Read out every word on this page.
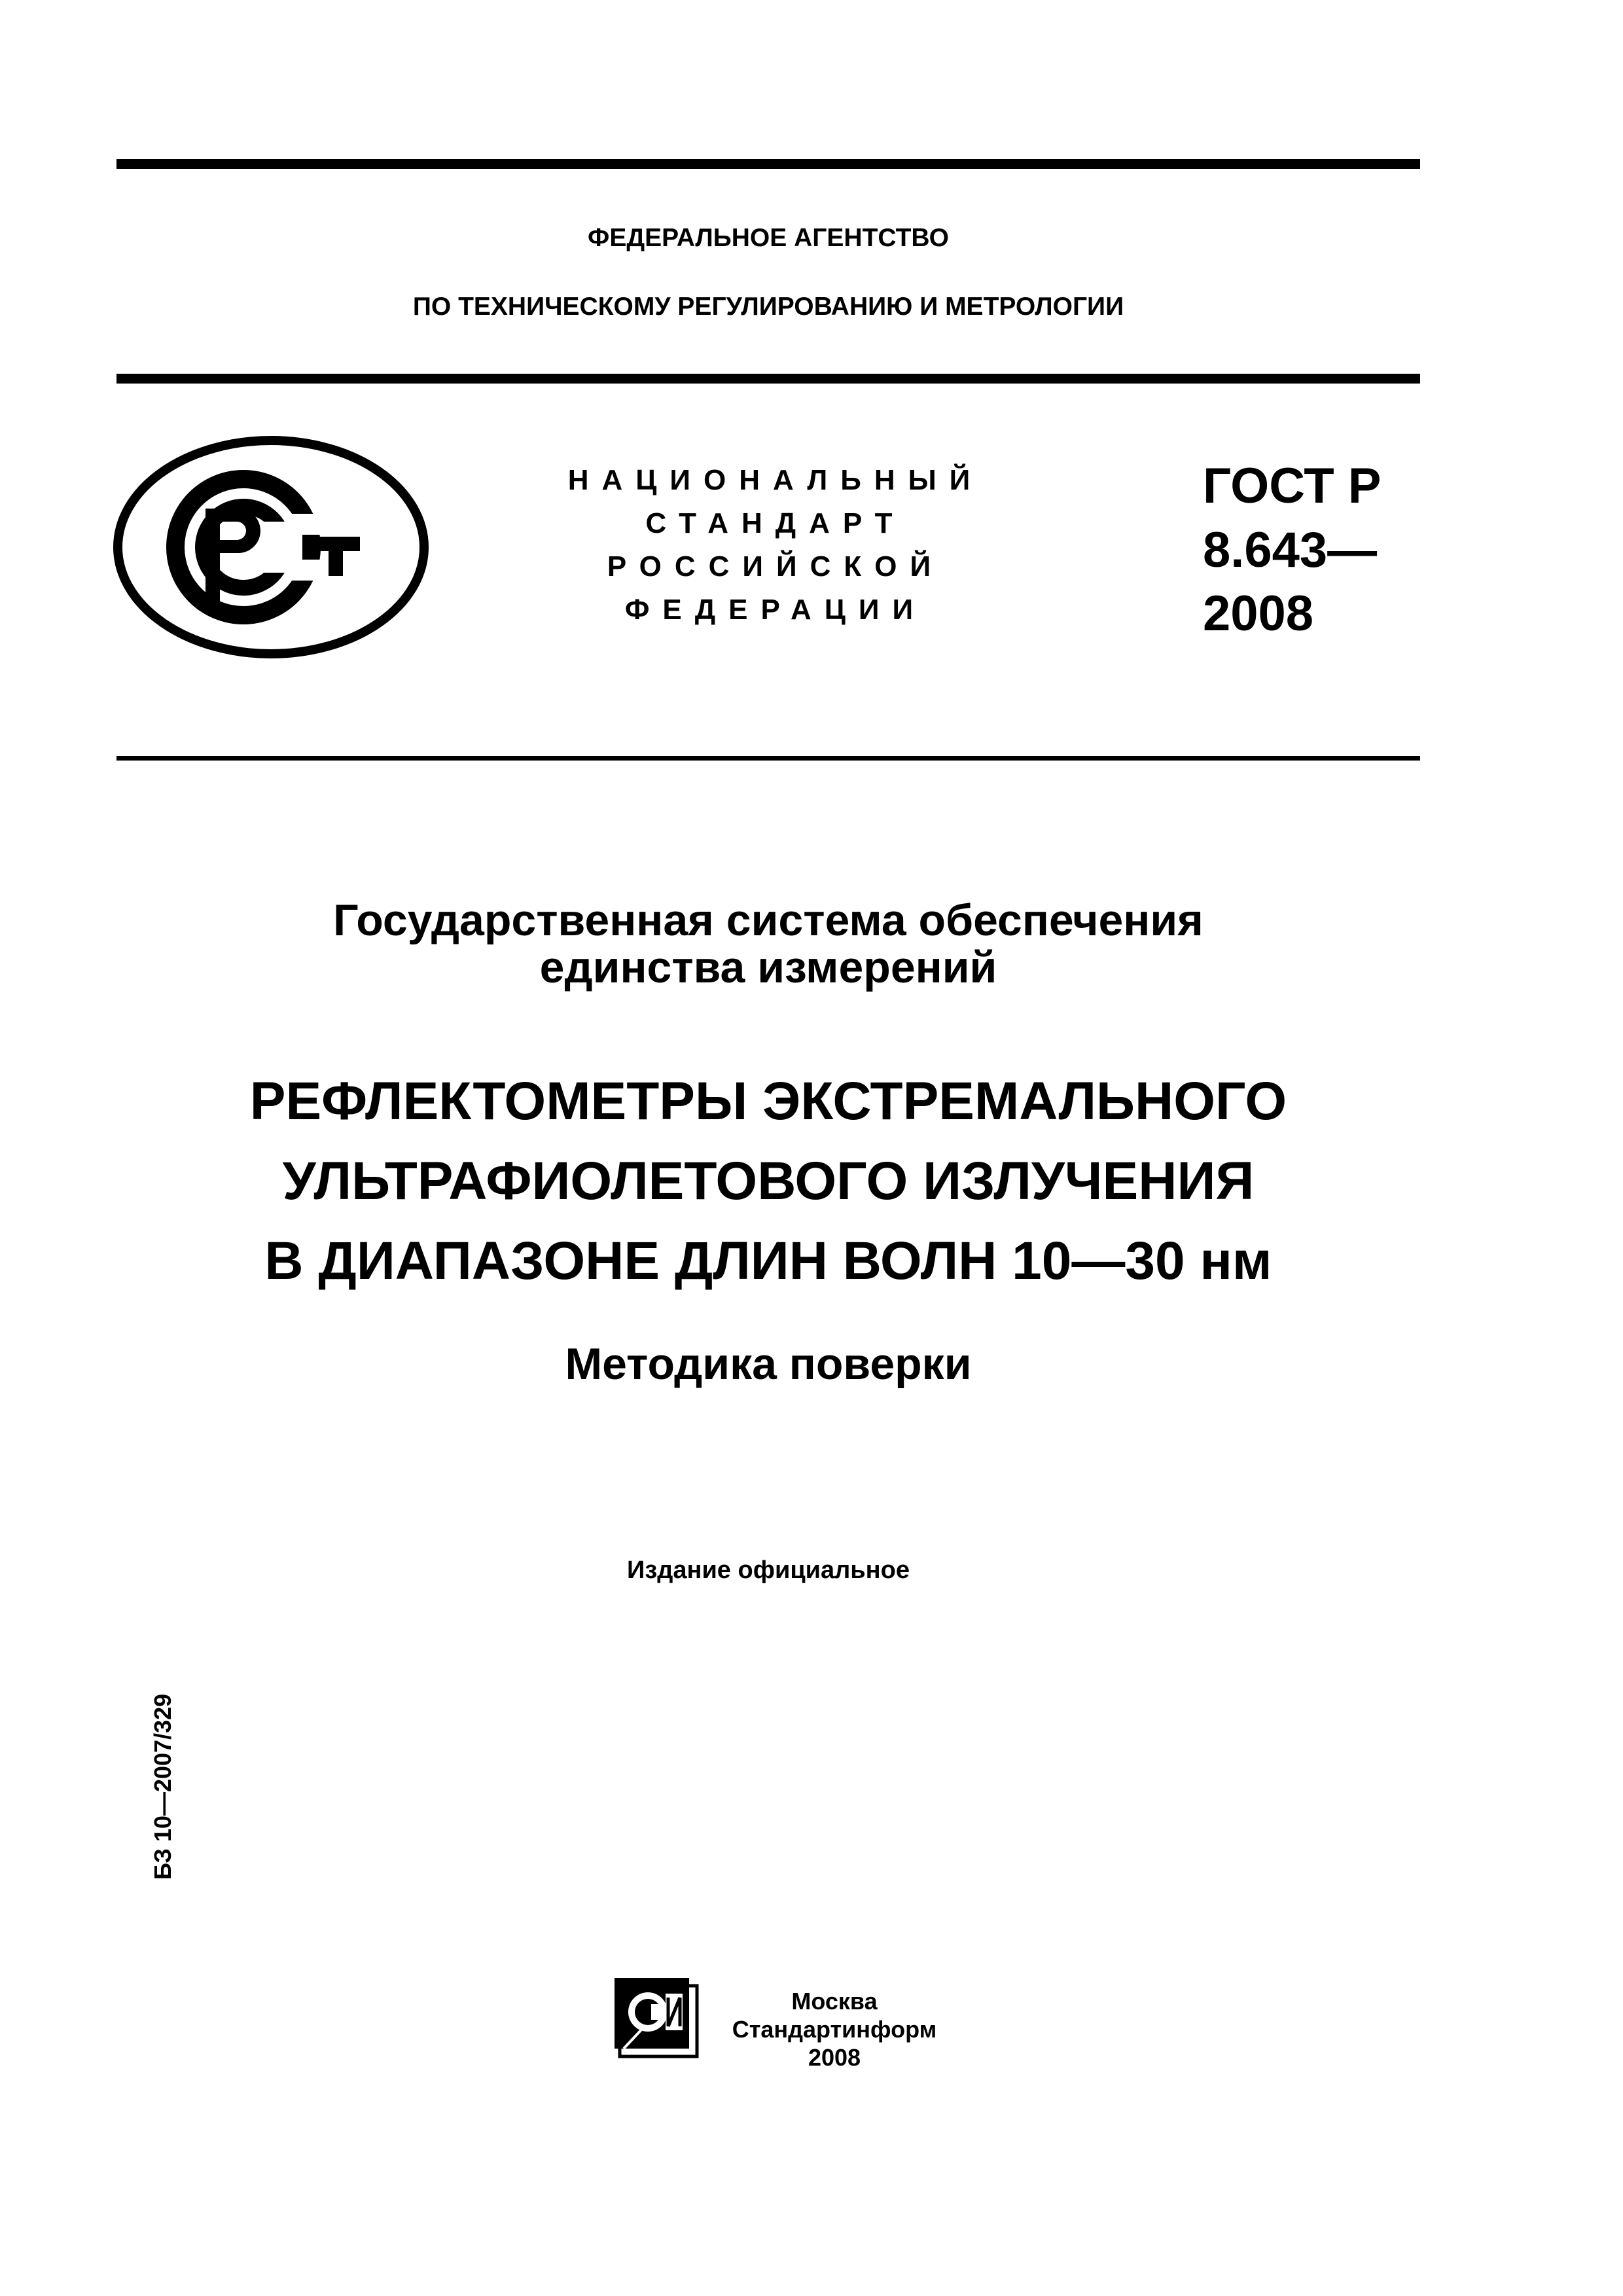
ФЕДЕРАЛЬНОЕ АГЕНТСТВО
ПО ТЕХНИЧЕСКОМУ РЕГУЛИРОВАНИЮ И МЕТРОЛОГИИ
НАЦИОНАЛЬНЫЙ
СТАНДАРТ
РОССИЙСКОЙ
ФЕДЕРАЦИИ
ГОСТ Р
8.643—
2008
Государственная система обеспечения
единства измерений
РЕФЛЕКТОМЕТРЫ ЭКСТРЕМАЛЬНОГО
УЛЬТРАФИОЛЕТОВОГО ИЗЛУЧЕНИЯ
В ДИАПАЗОНЕ ДЛИН ВОЛН 10—30 нм
Методика поверки
Издание официальное
БЗ 10—2007/329
Москва
Стандартинформ
2008
